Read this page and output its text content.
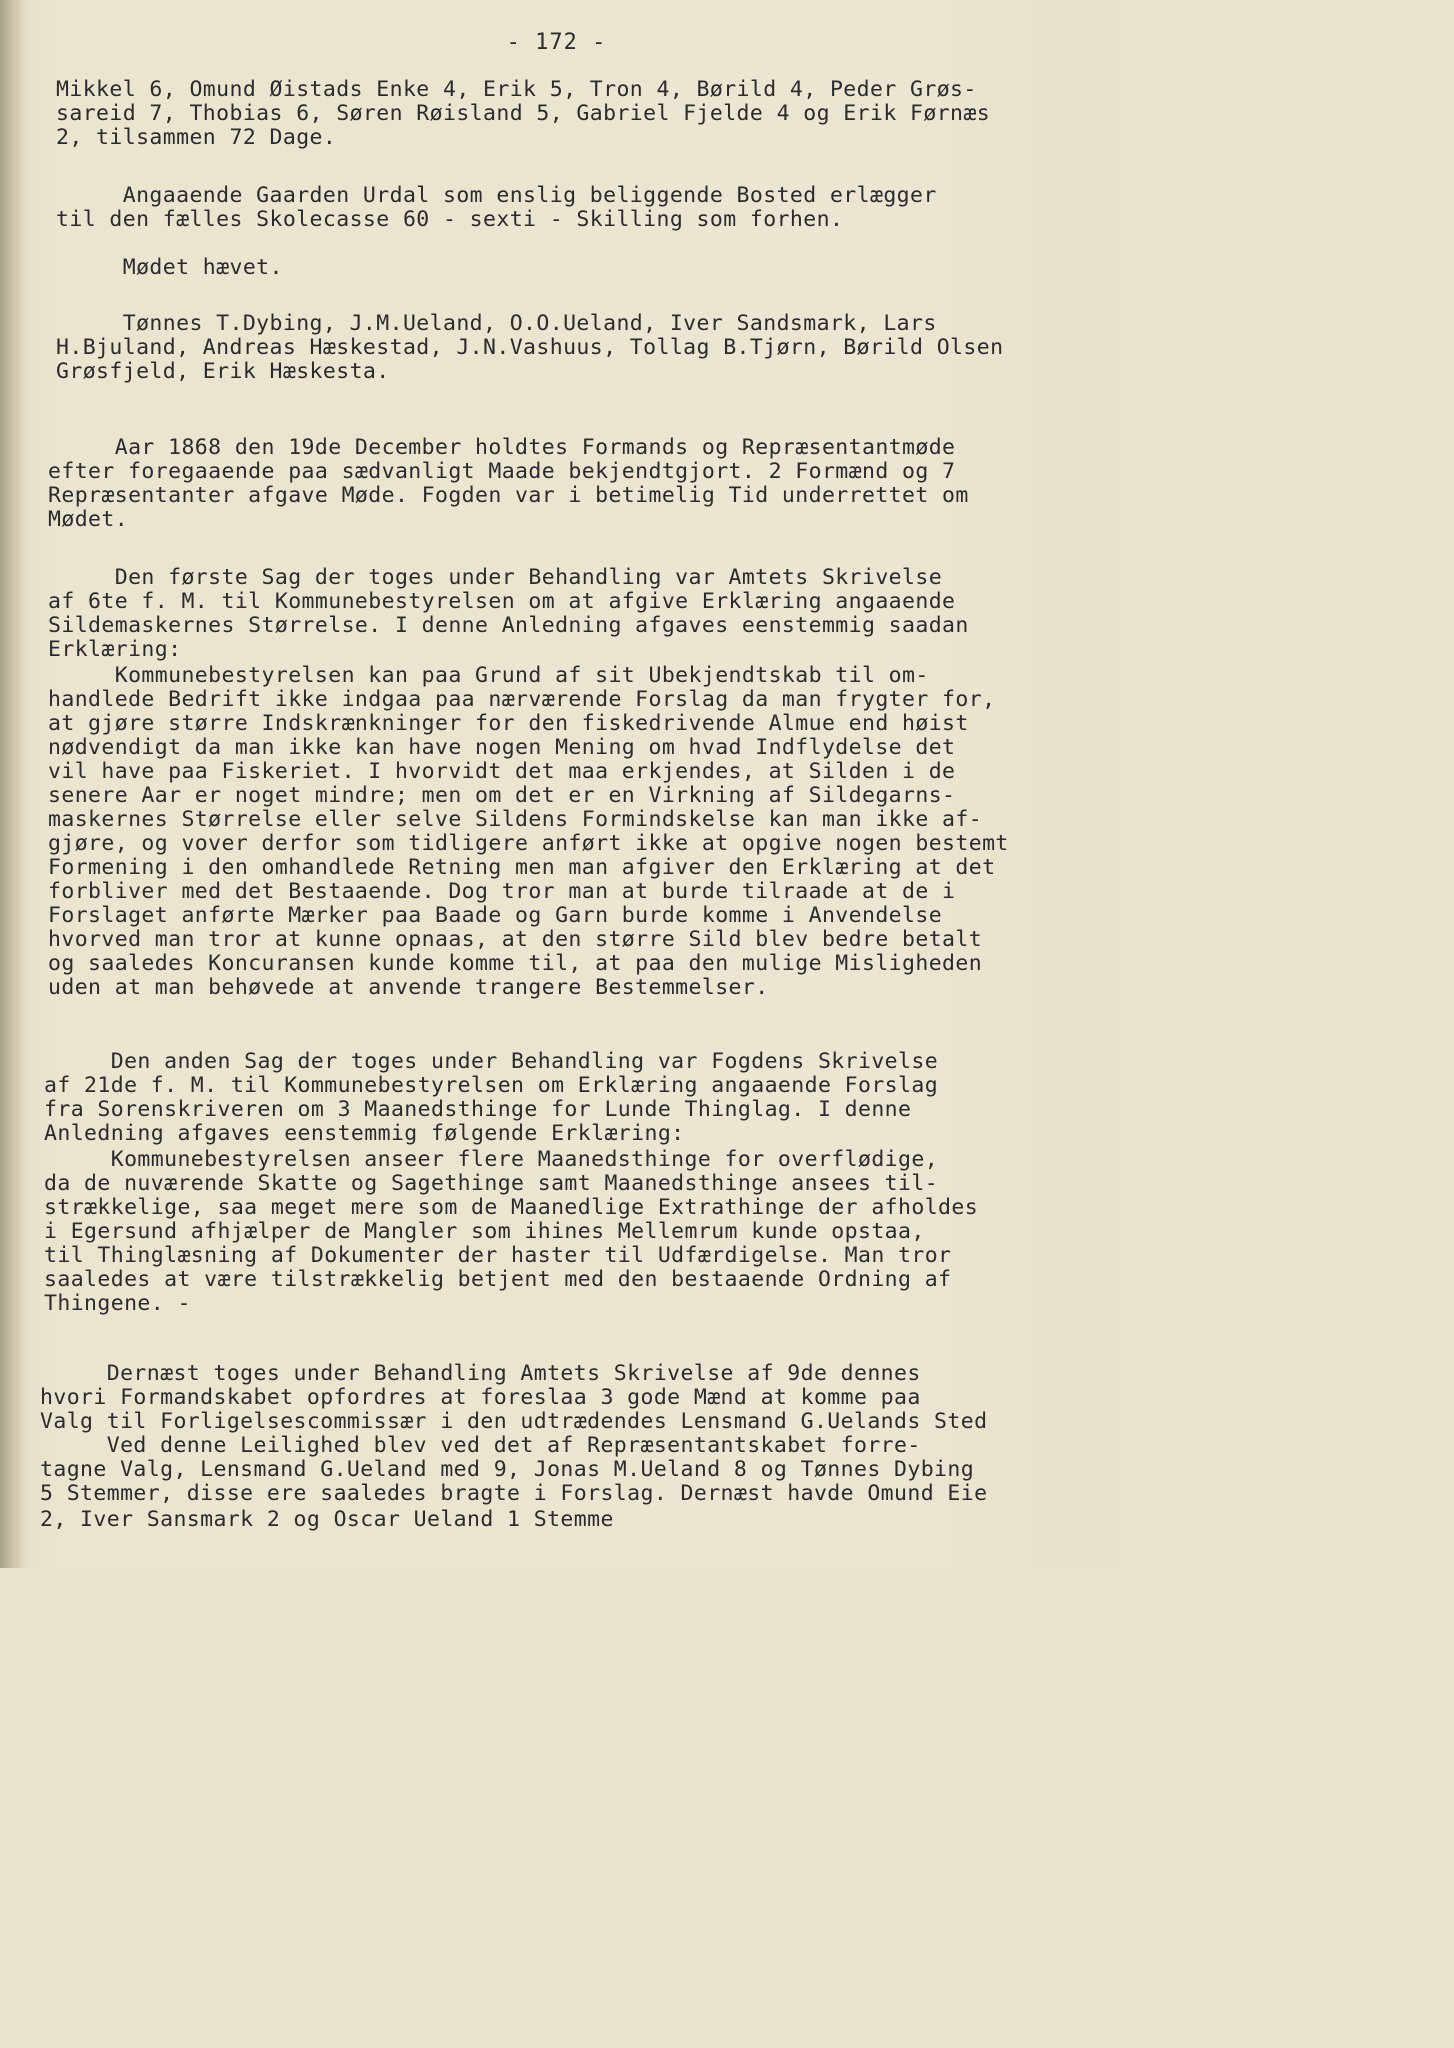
- 172 -
Mikkel 6, Omund Øistads Enke 4, Erik 5, Tron 4, Børild 4, Peder Grøs-
sareid 7, Thobias 6, Søren Røisland 5, Gabriel Fjelde 4 og Erik Førnæs
2, tilsammen 72 Dage.
Angaaende Gaarden Urdal som enslig beliggende Bosted erlægger
til den fælles Skolecasse 60 - sexti - Skilling som forhen.
Mødet hævet.
Tønnes T.Dybing, J.M.Ueland, O.O.Ueland, Iver Sandsmark, Lars
H.Bjuland, Andreas Hæskestad, J.N.Vashuus, Tollag B.Tjørn, Børild Olsen
Grøsfjeld, Erik Hæskesta.
Aar 1868 den 19de December holdtes Formands og Repræsentantmøde
efter foregaaende paa sædvanligt Maade bekjendtgjort. 2 Formænd og 7
Repræsentanter afgave Møde. Fogden var i betimelig Tid underrettet om
Mødet.
Den første Sag der toges under Behandling var Amtets Skrivelse
af 6te f. M. til Kommunebestyrelsen om at afgive Erklæring angaaende
Sildemaskernes Størrelse. I denne Anledning afgaves eenstemmig saadan
Erklæring:
Kommunebestyrelsen kan paa Grund af sit Ubekjendtskab til om-
handlede Bedrift ikke indgaa paa nærværende Forslag da man frygter for,
at gjøre større Indskrænkninger for den fiskedrivende Almue end høist
nødvendigt da man ikke kan have nogen Mening om hvad Indflydelse det
vil have paa Fiskeriet. I hvorvidt det maa erkjendes, at Silden i de
senere Aar er noget mindre; men om det er en Virkning af Sildegarns-
maskernes Størrelse eller selve Sildens Formindskelse kan man ikke af-
gjøre, og vover derfor som tidligere anført ikke at opgive nogen bestemt
Formening i den omhandlede Retning men man afgiver den Erklæring at det
forbliver med det Bestaaende. Dog tror man at burde tilraade at de i
Forslaget anførte Mærker paa Baade og Garn burde komme i Anvendelse
hvorved man tror at kunne opnaas, at den større Sild blev bedre betalt
og saaledes Koncuransen kunde komme til, at paa den mulige Misligheden
uden at man behøvede at anvende trangere Bestemmelser.
Den anden Sag der toges under Behandling var Fogdens Skrivelse
af 21de f. M. til Kommunebestyrelsen om Erklæring angaaende Forslag
fra Sorenskriveren om 3 Maanedsthinge for Lunde Thinglag. I denne
Anledning afgaves eenstemmig følgende Erklæring:
Kommunebestyrelsen anseer flere Maanedsthinge for overflødige,
da de nuværende Skatte og Sagethinge samt Maanedsthinge ansees til-
strækkelige, saa meget mere som de Maanedlige Extrathinge der afholdes
i Egersund afhjælper de Mangler som ihines Mellemrum kunde opstaa,
til Thinglæsning af Dokumenter der haster til Udfærdigelse. Man tror
saaledes at være tilstrækkelig betjent med den bestaaende Ordning af
Thingene. -
Dernæst toges under Behandling Amtets Skrivelse af 9de dennes
hvori Formandskabet opfordres at foreslaa 3 gode Mænd at komme paa
Valg til Forligelsescommissær i den udtrædendes Lensmand G.Uelands Sted
Ved denne Leilighed blev ved det af Repræsentantskabet forre-
tagne Valg, Lensmand G.Ueland med 9, Jonas M.Ueland 8 og Tønnes Dybing
5 Stemmer, disse ere saaledes bragte i Forslag. Dernæst havde Omund Eie
2, Iver Sansmark 2 og Oscar Ueland 1 Stemme
